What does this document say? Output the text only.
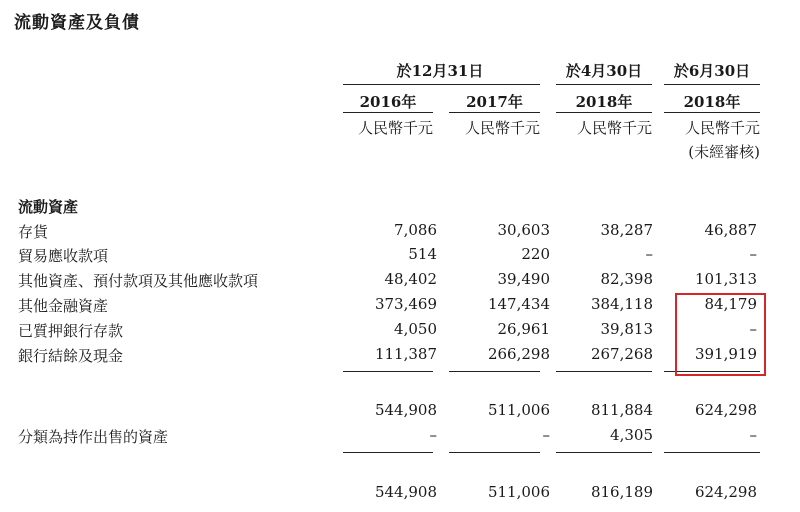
流動資產及負債
於12月31日	於4月30日	於6月30日
2016年	2017年	2018年	2018年
人民幣千元	人民幣千元	人民幣千元	人民幣千元
(未經審核)
流動資產
存貨	7,086	30,603	38,287	46,887
貿易應收款項	514	220	–	–
其他資產、預付款項及其他應收款項	48,402	39,490	82,398	101,313
其他金融資產	373,469	147,434	384,118	84,179
已質押銀行存款	4,050	26,961	39,813	–
銀行結餘及現金	111,387	266,298	267,268	391,919
544,908	511,006	811,884	624,298
分類為持作出售的資產	–	–	4,305	–
544,908	511,006	816,189	624,298
